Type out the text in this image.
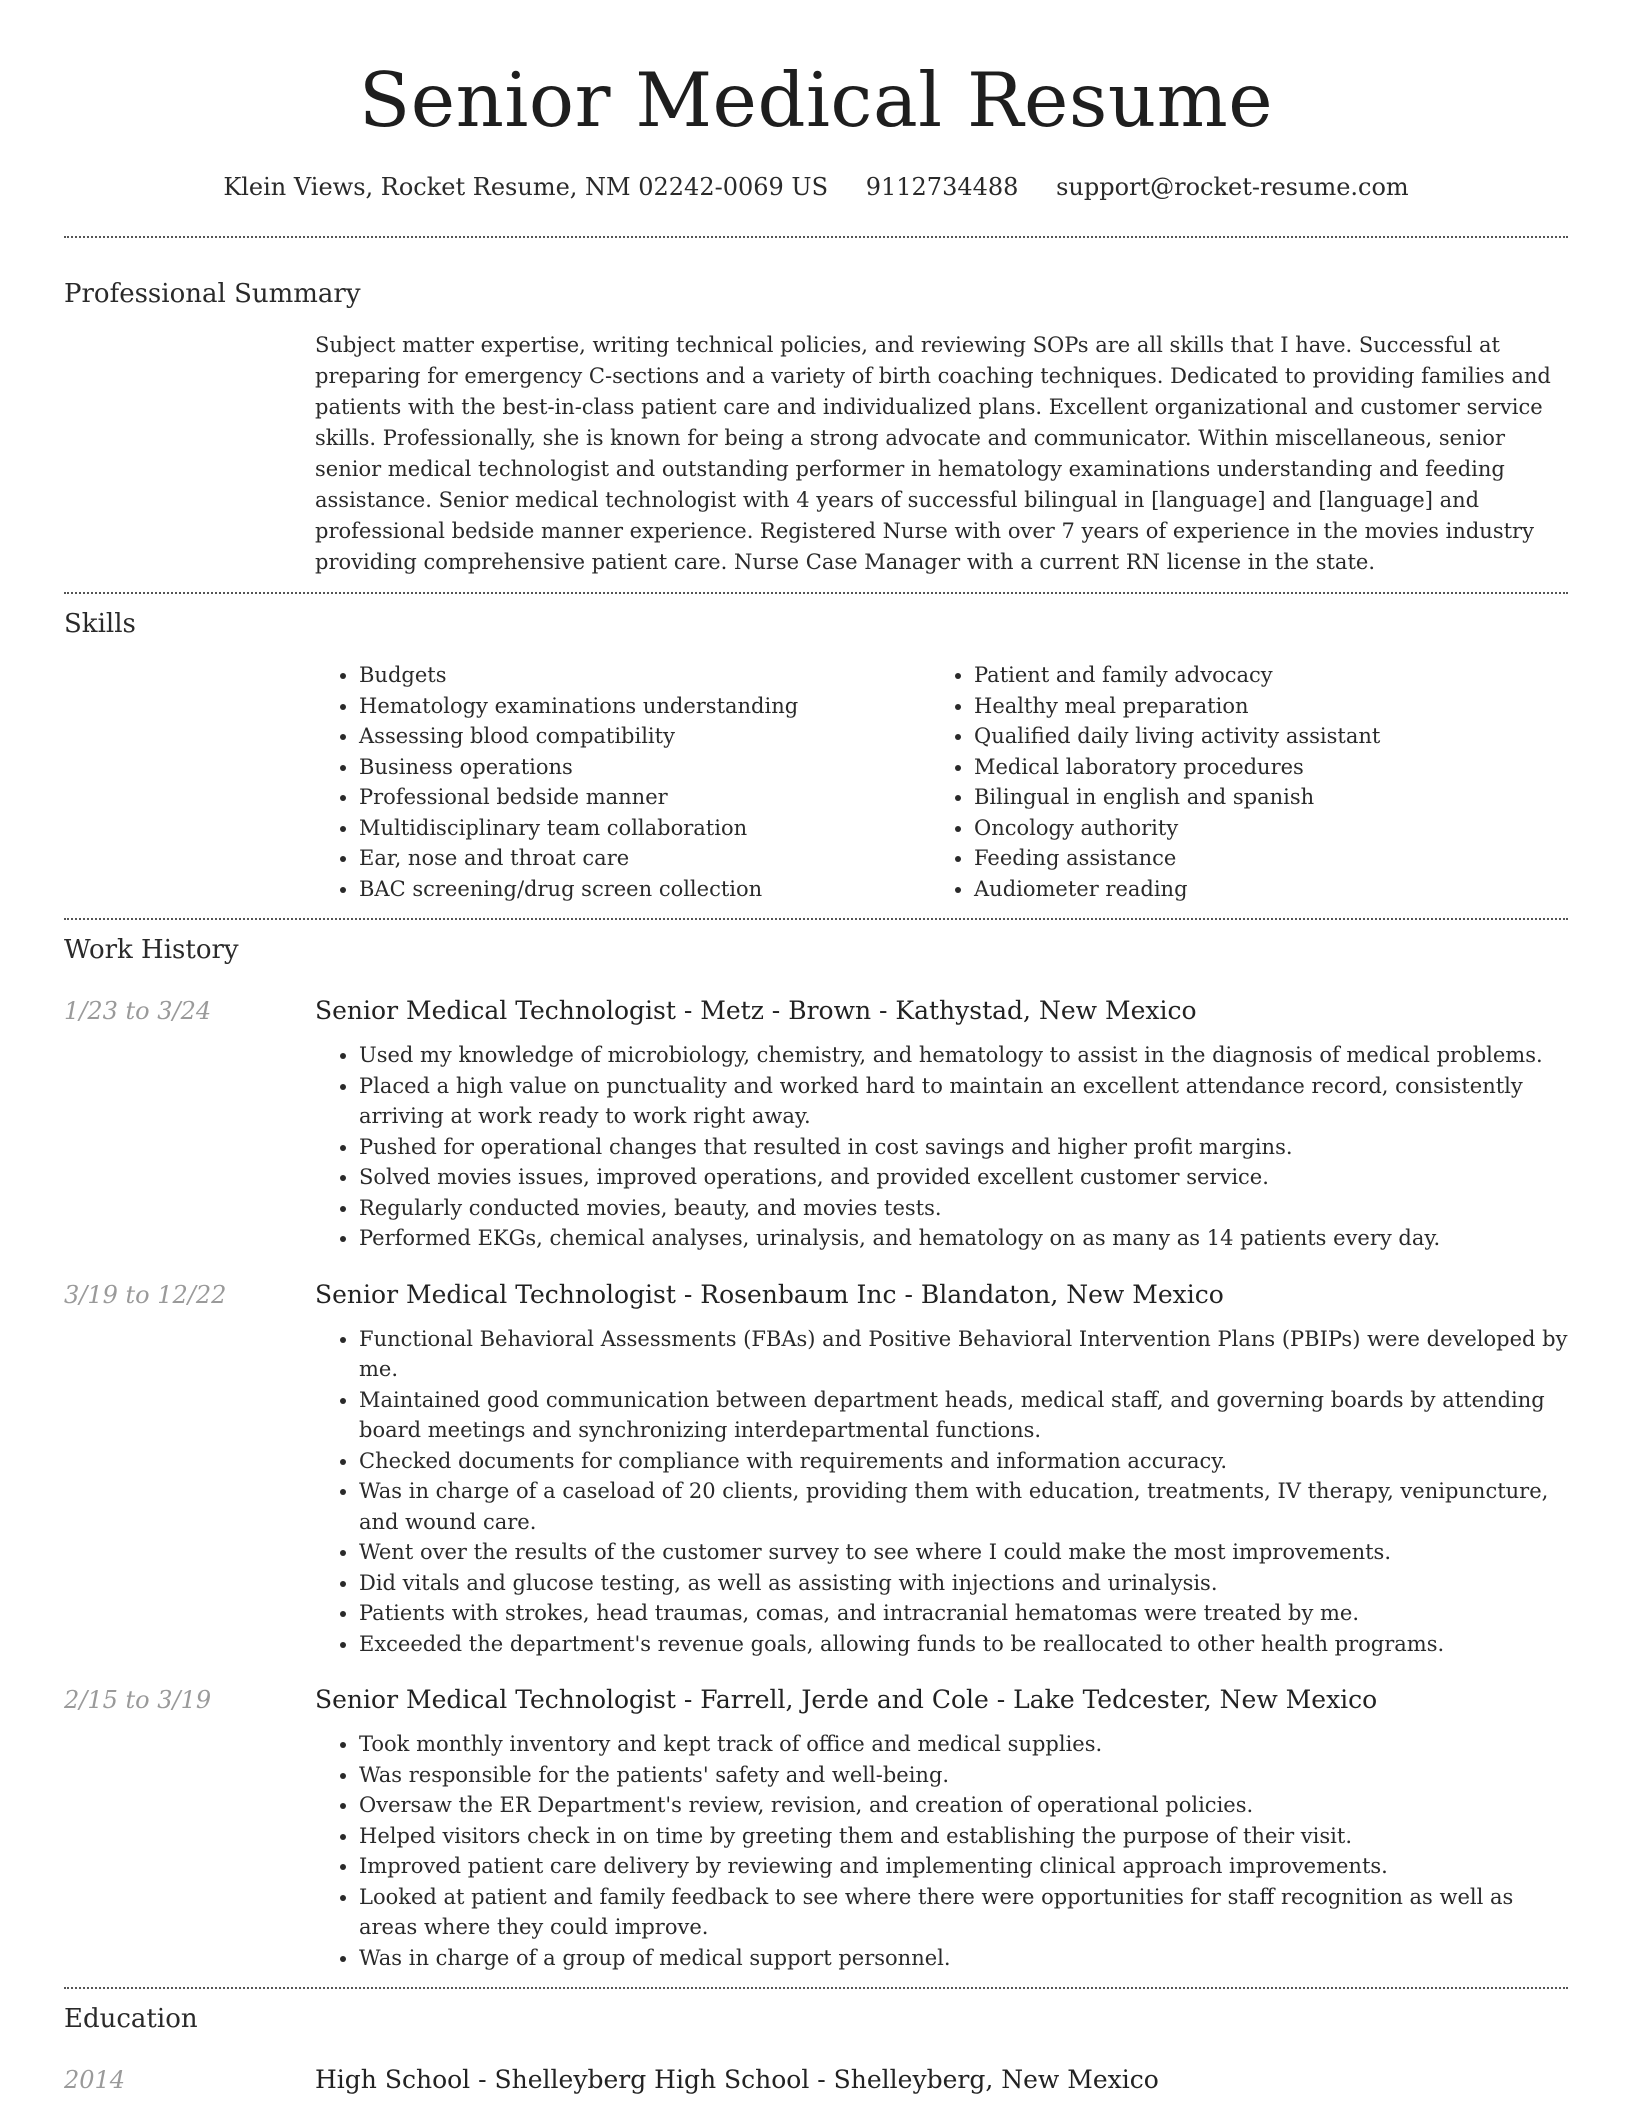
Senior Medical Resume
Klein Views, Rocket Resume, NM 02242-0069 US 9112734488 support@rocket-resume.com
Professional Summary
Subject matter expertise, writing technical policies, and reviewing SOPs are all skills that I have. Successful at preparing for emergency C-sections and a variety of birth coaching techniques. Dedicated to providing families and patients with the best-in-class patient care and individualized plans. Excellent organizational and customer service skills. Professionally, she is known for being a strong advocate and communicator. Within miscellaneous, senior senior medical technologist and outstanding performer in hematology examinations understanding and feeding assistance. Senior medical technologist with 4 years of successful bilingual in [language] and [language] and professional bedside manner experience. Registered Nurse with over 7 years of experience in the movies industry providing comprehensive patient care. Nurse Case Manager with a current RN license in the state.
Skills
• Budgets
• Hematology examinations understanding
• Assessing blood compatibility
• Business operations
• Professional bedside manner
• Multidisciplinary team collaboration
• Ear, nose and throat care
• BAC screening/drug screen collection
• Patient and family advocacy
• Healthy meal preparation
• Qualified daily living activity assistant
• Medical laboratory procedures
• Bilingual in english and spanish
• Oncology authority
• Feeding assistance
• Audiometer reading
Work History
1/23 to 3/24	Senior Medical Technologist - Metz - Brown - Kathystad, New Mexico
• Used my knowledge of microbiology, chemistry, and hematology to assist in the diagnosis of medical problems.
• Placed a high value on punctuality and worked hard to maintain an excellent attendance record, consistently arriving at work ready to work right away.
• Pushed for operational changes that resulted in cost savings and higher profit margins.
• Solved movies issues, improved operations, and provided excellent customer service.
• Regularly conducted movies, beauty, and movies tests.
• Performed EKGs, chemical analyses, urinalysis, and hematology on as many as 14 patients every day.
3/19 to 12/22	Senior Medical Technologist - Rosenbaum Inc - Blandaton, New Mexico
• Functional Behavioral Assessments (FBAs) and Positive Behavioral Intervention Plans (PBIPs) were developed by me.
• Maintained good communication between department heads, medical staff, and governing boards by attending board meetings and synchronizing interdepartmental functions.
• Checked documents for compliance with requirements and information accuracy.
• Was in charge of a caseload of 20 clients, providing them with education, treatments, IV therapy, venipuncture, and wound care.
• Went over the results of the customer survey to see where I could make the most improvements.
• Did vitals and glucose testing, as well as assisting with injections and urinalysis.
• Patients with strokes, head traumas, comas, and intracranial hematomas were treated by me.
• Exceeded the department's revenue goals, allowing funds to be reallocated to other health programs.
2/15 to 3/19	Senior Medical Technologist - Farrell, Jerde and Cole - Lake Tedcester, New Mexico
• Took monthly inventory and kept track of office and medical supplies.
• Was responsible for the patients' safety and well-being.
• Oversaw the ER Department's review, revision, and creation of operational policies.
• Helped visitors check in on time by greeting them and establishing the purpose of their visit.
• Improved patient care delivery by reviewing and implementing clinical approach improvements.
• Looked at patient and family feedback to see where there were opportunities for staff recognition as well as areas where they could improve.
• Was in charge of a group of medical support personnel.
Education
2014	High School - Shelleyberg High School - Shelleyberg, New Mexico
